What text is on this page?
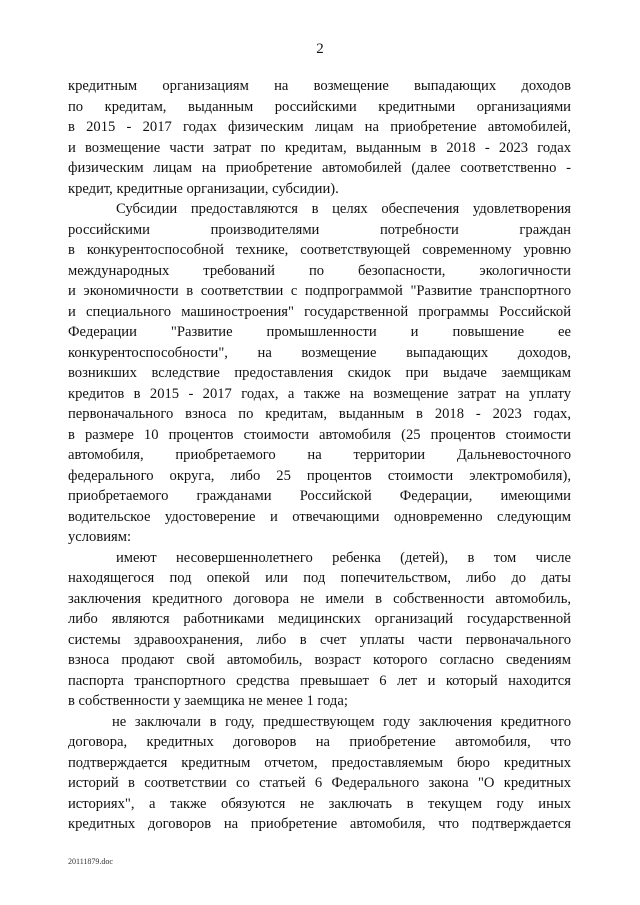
2
кредитным организациям на возмещение выпадающих доходов
по кредитам, выданным российскими кредитными организациями
в 2015 - 2017 годах физическим лицам на приобретение автомобилей,
и возмещение части затрат по кредитам, выданным в 2018 - 2023 годах
физическим лицам на приобретение автомобилей (далее соответственно -
кредит, кредитные организации, субсидии).
Субсидии предоставляются в целях обеспечения удовлетворения
российскими производителями потребности граждан
в конкурентоспособной технике, соответствующей современному уровню
международных требований по безопасности, экологичности
и экономичности в соответствии с подпрограммой "Развитие транспортного
и специального машиностроения" государственной программы Российской
Федерации "Развитие промышленности и повышение ее
конкурентоспособности", на возмещение выпадающих доходов,
возникших вследствие предоставления скидок при выдаче заемщикам
кредитов в 2015 - 2017 годах, а также на возмещение затрат на уплату
первоначального взноса по кредитам, выданным в 2018 - 2023 годах,
в размере 10 процентов стоимости автомобиля (25 процентов стоимости
автомобиля, приобретаемого на территории Дальневосточного
федерального округа, либо 25 процентов стоимости электромобиля),
приобретаемого гражданами Российской Федерации, имеющими
водительское удостоверение и отвечающими одновременно следующим
условиям:
имеют несовершеннолетнего ребенка (детей), в том числе
находящегося под опекой или под попечительством, либо до даты
заключения кредитного договора не имели в собственности автомобиль,
либо являются работниками медицинских организаций государственной
системы здравоохранения, либо в счет уплаты части первоначального
взноса продают свой автомобиль, возраст которого согласно сведениям
паспорта транспортного средства превышает 6 лет и который находится
в собственности у заемщика не менее 1 года;
не заключали в году, предшествующем году заключения кредитного
договора, кредитных договоров на приобретение автомобиля, что
подтверждается кредитным отчетом, предоставляемым бюро кредитных
историй в соответствии со статьей 6 Федерального закона "О кредитных
историях", а также обязуются не заключать в текущем году иных
кредитных договоров на приобретение автомобиля, что подтверждается
20111879.doc
